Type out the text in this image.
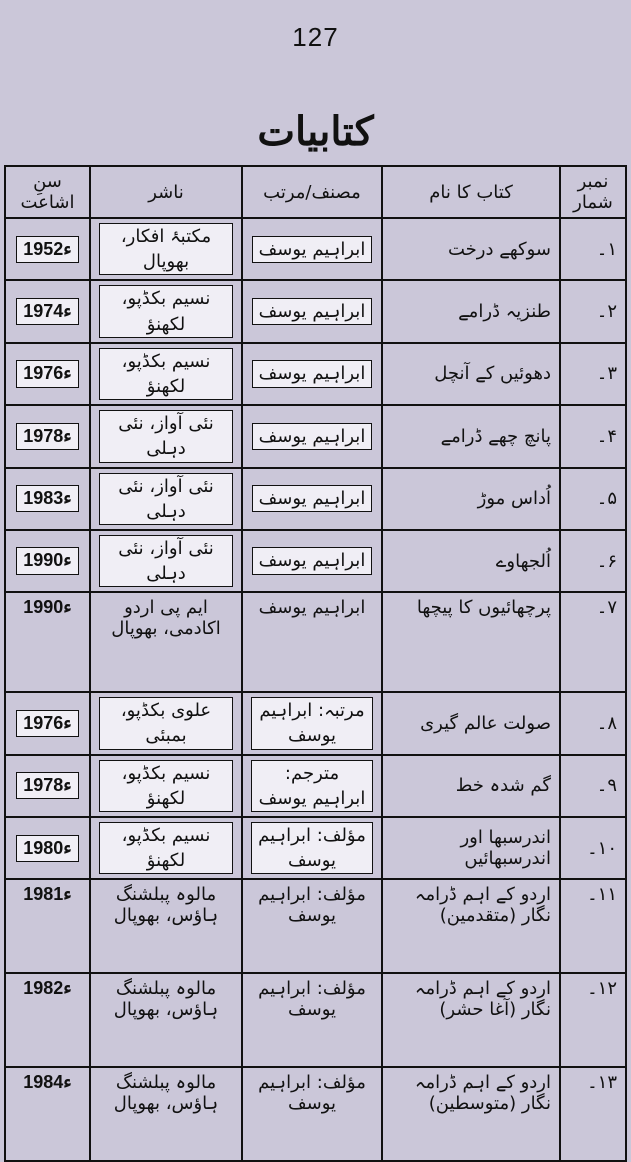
127
کتابیات
نمبر شمار	کتاب کا نام	مصنف/مرتب	ناشر	سنِ اشاعت
۱۔	سوکھے درخت	ابراہیم یوسف	مکتبۂ افکار، بھوپال	1952ء
۲۔	طنزیہ ڈرامے	ابراہیم یوسف	نسیم بکڈپو، لکھنؤ	1974ء
۳۔	دھوئیں کے آنچل	ابراہیم یوسف	نسیم بکڈپو، لکھنؤ	1976ء
۴۔	پانچ چھے ڈرامے	ابراہیم یوسف	نئی آواز، نئی دہلی	1978ء
۵۔	اُداس موڑ	ابراہیم یوسف	نئی آواز، نئی دہلی	1983ء
۶۔	اُلجھاوے	ابراہیم یوسف	نئی آواز، نئی دہلی	1990ء
۷۔	پرچھائیوں کا پیچھا	ابراہیم یوسف	ایم پی اردو اکادمی، بھوپال	1990ء
۸۔	صولت عالم گیری	مرتبہ: ابراہیم یوسف	علوی بکڈپو، بمبئی	1976ء
۹۔	گم شدہ خط	مترجم: ابراہیم یوسف	نسیم بکڈپو، لکھنؤ	1978ء
۱۰۔	اندرسبھا اور اندرسبھائیں	مؤلف: ابراہیم یوسف	نسیم بکڈپو، لکھنؤ	1980ء
۱۱۔	اردو کے اہم ڈرامہ نگار (متقدمین)	مؤلف: ابراہیم یوسف	مالوہ پبلشنگ ہاؤس، بھوپال	1981ء
۱۲۔	اردو کے اہم ڈرامہ نگار (آغا حشر)	مؤلف: ابراہیم یوسف	مالوہ پبلشنگ ہاؤس، بھوپال	1982ء
۱۳۔	اردو کے اہم ڈرامہ نگار (متوسطین)	مؤلف: ابراہیم یوسف	مالوہ پبلشنگ ہاؤس، بھوپال	1984ء
